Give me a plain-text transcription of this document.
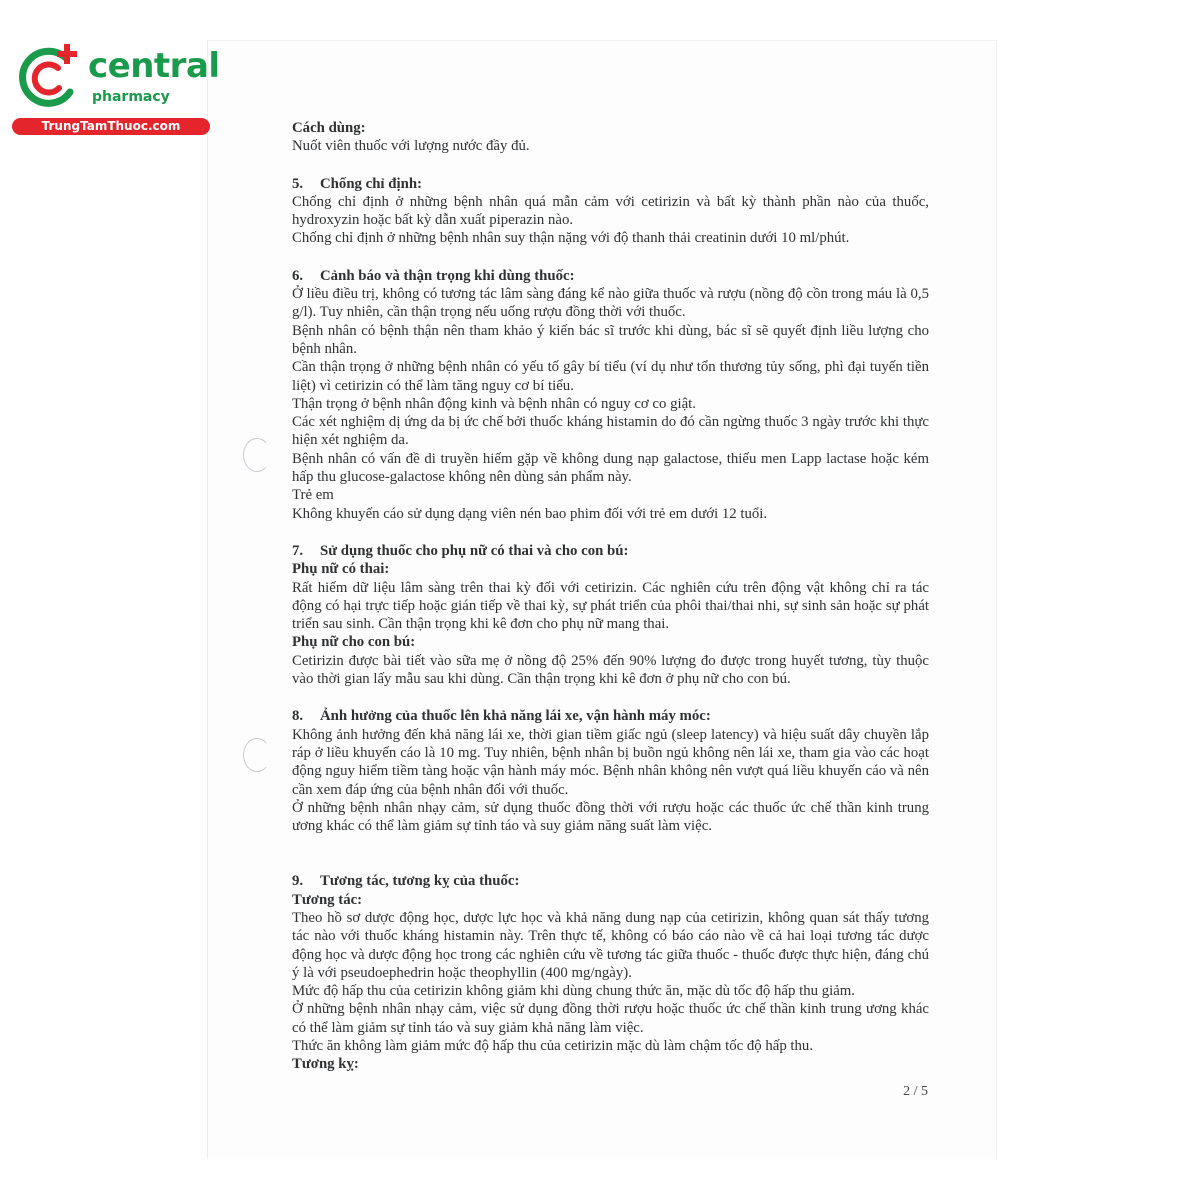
central
pharmacy
TrungTamThuoc.com	Cách dùng:

Nuốt viên thuốc với lượng nước đầy đủ.

5. Chống chỉ định:

Chống chỉ định ở những bệnh nhân quá mẫn cảm với cetirizin và bất kỳ thành phần nào của thuốc, hydroxyzin hoặc bất kỳ dẫn xuất piperazin nào.

Chống chỉ định ở những bệnh nhân suy thận nặng với độ thanh thải creatinin dưới 10 ml/phút.

6. Cảnh báo và thận trọng khi dùng thuốc:

Ở liều điều trị, không có tương tác lâm sàng đáng kể nào giữa thuốc và rượu (nồng độ cồn trong máu là 0,5 g/l). Tuy nhiên, cần thận trọng nếu uống rượu đồng thời với thuốc.

Bệnh nhân có bệnh thận nên tham khảo ý kiến bác sĩ trước khi dùng, bác sĩ sẽ quyết định liều lượng cho bệnh nhân.

Cần thận trọng ở những bệnh nhân có yếu tố gây bí tiểu (ví dụ như tổn thương tủy sống, phì đại tuyến tiền liệt) vì cetirizin có thể làm tăng nguy cơ bí tiểu.

Thận trọng ở bệnh nhân động kinh và bệnh nhân có nguy cơ co giật.

Các xét nghiệm dị ứng da bị ức chế bởi thuốc kháng histamin do đó cần ngừng thuốc 3 ngày trước khi thực hiện xét nghiệm da.

Bệnh nhân có vấn đề di truyền hiếm gặp về không dung nạp galactose, thiếu men Lapp lactase hoặc kém hấp thu glucose-galactose không nên dùng sản phẩm này.

Trẻ em

Không khuyến cáo sử dụng dạng viên nén bao phim đối với trẻ em dưới 12 tuổi.

7. Sử dụng thuốc cho phụ nữ có thai và cho con bú:

Phụ nữ có thai:

Rất hiếm dữ liệu lâm sàng trên thai kỳ đối với cetirizin. Các nghiên cứu trên động vật không chỉ ra tác động có hại trực tiếp hoặc gián tiếp về thai kỳ, sự phát triển của phôi thai/thai nhi, sự sinh sản hoặc sự phát triển sau sinh. Cần thận trọng khi kê đơn cho phụ nữ mang thai.

Phụ nữ cho con bú:

Cetirizin được bài tiết vào sữa mẹ ở nồng độ 25% đến 90% lượng đo được trong huyết tương, tùy thuộc vào thời gian lấy mẫu sau khi dùng. Cần thận trọng khi kê đơn ở phụ nữ cho con bú.

8. Ảnh hưởng của thuốc lên khả năng lái xe, vận hành máy móc:

Không ảnh hưởng đến khả năng lái xe, thời gian tiềm giấc ngủ (sleep latency) và hiệu suất dây chuyền lắp ráp ở liều khuyến cáo là 10 mg. Tuy nhiên, bệnh nhân bị buồn ngủ không nên lái xe, tham gia vào các hoạt động nguy hiểm tiềm tàng hoặc vận hành máy móc. Bệnh nhân không nên vượt quá liều khuyến cáo và nên cần xem đáp ứng của bệnh nhân đối với thuốc.

Ở những bệnh nhân nhạy cảm, sử dụng thuốc đồng thời với rượu hoặc các thuốc ức chế thần kinh trung ương khác có thể làm giảm sự tỉnh táo và suy giảm năng suất làm việc.

9. Tương tác, tương kỵ của thuốc:

Tương tác:

Theo hồ sơ dược động học, dược lực học và khả năng dung nạp của cetirizin, không quan sát thấy tương tác nào với thuốc kháng histamin này. Trên thực tế, không có báo cáo nào về cả hai loại tương tác dược động học và dược động học trong các nghiên cứu về tương tác giữa thuốc - thuốc được thực hiện, đáng chú ý là với pseudoephedrin hoặc theophyllin (400 mg/ngày).

Mức độ hấp thu của cetirizin không giảm khi dùng chung thức ăn, mặc dù tốc độ hấp thu giảm.

Ở những bệnh nhân nhạy cảm, việc sử dụng đồng thời rượu hoặc thuốc ức chế thần kinh trung ương khác có thể làm giảm sự tỉnh táo và suy giảm khả năng làm việc.

Thức ăn không làm giảm mức độ hấp thu của cetirizin mặc dù làm chậm tốc độ hấp thu.

Tương kỵ:

2 / 5
